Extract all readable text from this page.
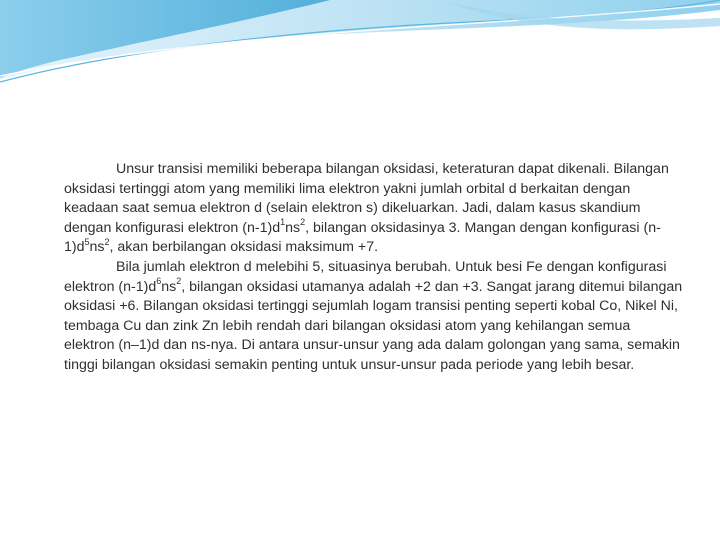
Unsur transisi memiliki beberapa bilangan oksidasi, keteraturan dapat dikenali. Bilangan oksidasi tertinggi atom yang memiliki lima elektron yakni jumlah orbital d berkaitan dengan keadaan saat semua elektron d (selain elektron s) dikeluarkan. Jadi, dalam kasus skandium dengan konfigurasi elektron $(n-1)d^1ns^2$, bilangan oksidasinya 3. Mangan dengan konfigurasi $(n-1)d^5ns^2$, akan berbilangan oksidasi maksimum +7.

Bila jumlah elektron d melebihi 5, situasinya berubah. Untuk besi Fe dengan konfigurasi elektron $(n-1)d^6ns^2$, bilangan oksidasi utamanya adalah +2 dan +3. Sangat jarang ditemui bilangan oksidasi +6. Bilangan oksidasi tertinggi sejumlah logam transisi penting seperti kobal Co, Nikel Ni, tembaga Cu dan zink Zn lebih rendah dari bilangan oksidasi atom yang kehilangan semua elektron (n–1)d dan ns-nya. Di antara unsur-unsur yang ada dalam golongan yang sama, semakin tinggi bilangan oksidasi semakin penting untuk unsur-unsur pada periode yang lebih besar.
